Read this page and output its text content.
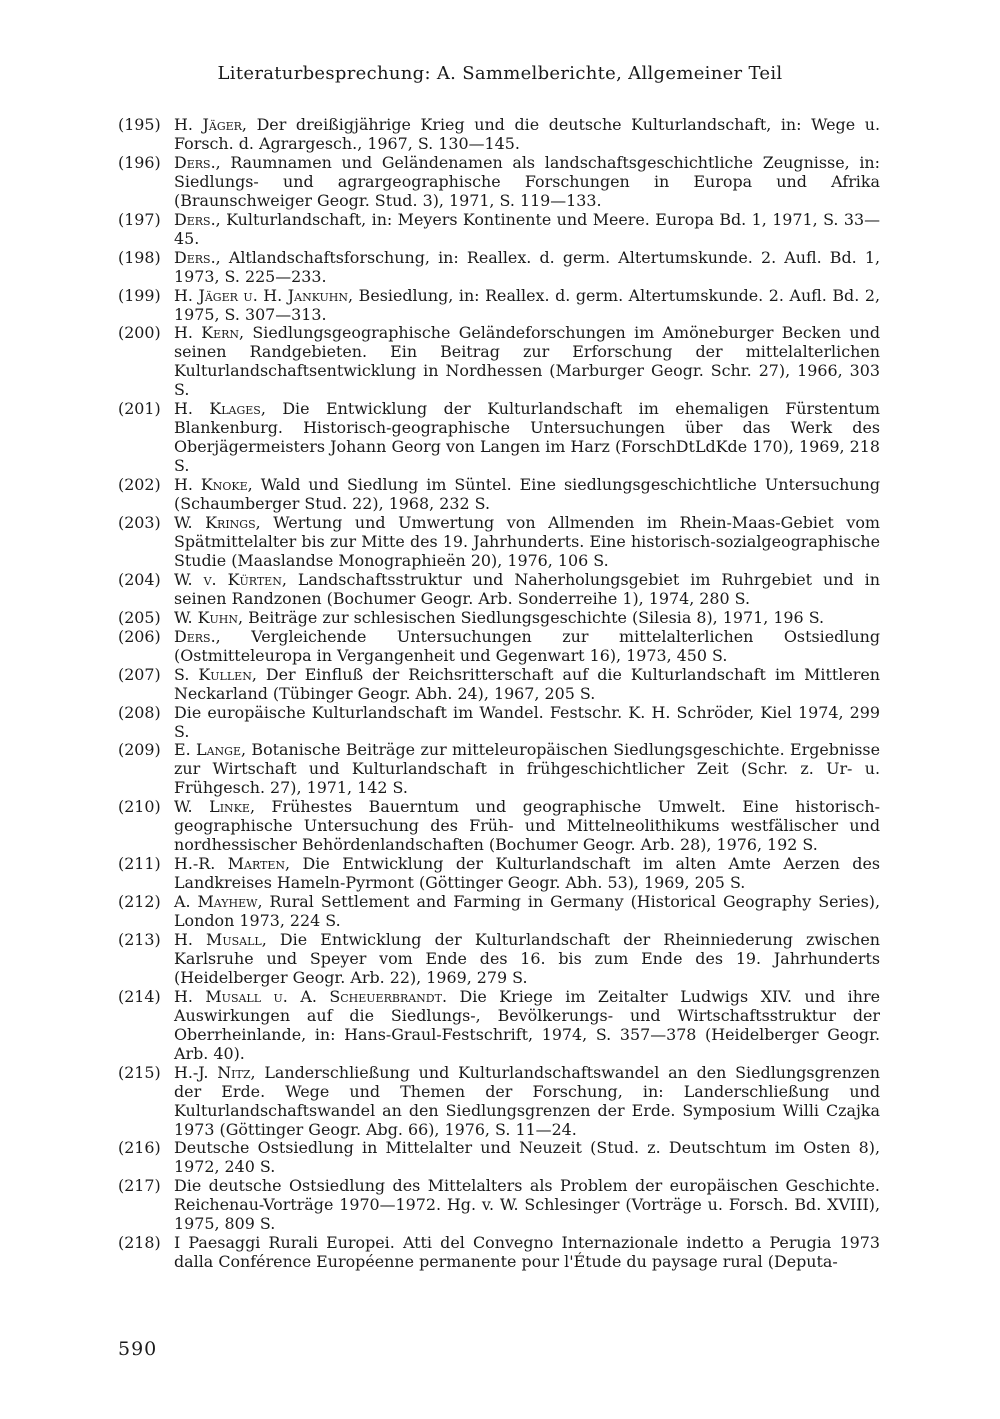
Literaturbesprechung: A. Sammelberichte, Allgemeiner Teil
(195) H. Jäger, Der dreißigjährige Krieg und die deutsche Kulturlandschaft, in: Wege u. Forsch. d. Agrargesch., 1967, S. 130—145.
(196) Ders., Raumnamen und Geländenamen als landschaftsgeschichtliche Zeugnisse, in: Siedlungs- und agrargeographische Forschungen in Europa und Afrika (Braunschweiger Geogr. Stud. 3), 1971, S. 119—133.
(197) Ders., Kulturlandschaft, in: Meyers Kontinente und Meere. Europa Bd. 1, 1971, S. 33—45.
(198) Ders., Altlandschaftsforschung, in: Reallex. d. germ. Altertumskunde. 2. Aufl. Bd. 1, 1973, S. 225—233.
(199) H. Jäger u. H. Jankuhn, Besiedlung, in: Reallex. d. germ. Altertumskunde. 2. Aufl. Bd. 2, 1975, S. 307—313.
(200) H. Kern, Siedlungsgeographische Geländeforschungen im Amöneburger Becken und seinen Randgebieten. Ein Beitrag zur Erforschung der mittelalterlichen Kulturlandschaftsentwicklung in Nordhessen (Marburger Geogr. Schr. 27), 1966, 303 S.
(201) H. Klages, Die Entwicklung der Kulturlandschaft im ehemaligen Fürstentum Blankenburg. Historisch-geographische Untersuchungen über das Werk des Oberjägermeisters Johann Georg von Langen im Harz (ForschDtLdKde 170), 1969, 218 S.
(202) H. Knoke, Wald und Siedlung im Süntel. Eine siedlungsgeschichtliche Untersuchung (Schaumberger Stud. 22), 1968, 232 S.
(203) W. Krings, Wertung und Umwertung von Allmenden im Rhein-Maas-Gebiet vom Spätmittelalter bis zur Mitte des 19. Jahrhunderts. Eine historisch-sozialgeographische Studie (Maaslandse Monographieën 20), 1976, 106 S.
(204) W. v. Kürten, Landschaftsstruktur und Naherholungsgebiet im Ruhrgebiet und in seinen Randzonen (Bochumer Geogr. Arb. Sonderreihe 1), 1974, 280 S.
(205) W. Kuhn, Beiträge zur schlesischen Siedlungsgeschichte (Silesia 8), 1971, 196 S.
(206) Ders., Vergleichende Untersuchungen zur mittelalterlichen Ostsiedlung (Ostmitteleuropa in Vergangenheit und Gegenwart 16), 1973, 450 S.
(207) S. Kullen, Der Einfluß der Reichsritterschaft auf die Kulturlandschaft im Mittleren Neckarland (Tübinger Geogr. Abh. 24), 1967, 205 S.
(208) Die europäische Kulturlandschaft im Wandel. Festschr. K. H. Schröder, Kiel 1974, 299 S.
(209) E. Lange, Botanische Beiträge zur mitteleuropäischen Siedlungsgeschichte. Ergebnisse zur Wirtschaft und Kulturlandschaft in frühgeschichtlicher Zeit (Schr. z. Ur- u. Frühgesch. 27), 1971, 142 S.
(210) W. Linke, Frühestes Bauerntum und geographische Umwelt. Eine historisch-geographische Untersuchung des Früh- und Mittelneolithikums westfälischer und nordhessischer Behördenlandschaften (Bochumer Geogr. Arb. 28), 1976, 192 S.
(211) H.-R. Marten, Die Entwicklung der Kulturlandschaft im alten Amte Aerzen des Landkreises Hameln-Pyrmont (Göttinger Geogr. Abh. 53), 1969, 205 S.
(212) A. Mayhew, Rural Settlement and Farming in Germany (Historical Geography Series), London 1973, 224 S.
(213) H. Musall, Die Entwicklung der Kulturlandschaft der Rheinniederung zwischen Karlsruhe und Speyer vom Ende des 16. bis zum Ende des 19. Jahrhunderts (Heidelberger Geogr. Arb. 22), 1969, 279 S.
(214) H. Musall u. A. Scheuerbrandt. Die Kriege im Zeitalter Ludwigs XIV. und ihre Auswirkungen auf die Siedlungs-, Bevölkerungs- und Wirtschaftsstruktur der Oberrheinlande, in: Hans-Graul-Festschrift, 1974, S. 357—378 (Heidelberger Geogr. Arb. 40).
(215) H.-J. Nitz, Landerschließung und Kulturlandschaftswandel an den Siedlungsgrenzen der Erde. Wege und Themen der Forschung, in: Landerschließung und Kulturlandschaftswandel an den Siedlungsgrenzen der Erde. Symposium Willi Czajka 1973 (Göttinger Geogr. Abg. 66), 1976, S. 11—24.
(216) Deutsche Ostsiedlung in Mittelalter und Neuzeit (Stud. z. Deutschtum im Osten 8), 1972, 240 S.
(217) Die deutsche Ostsiedlung des Mittelalters als Problem der europäischen Geschichte. Reichenau-Vorträge 1970—1972. Hg. v. W. Schlesinger (Vorträge u. Forsch. Bd. XVIII), 1975, 809 S.
(218) I Paesaggi Rurali Europei. Atti del Convegno Internazionale indetto a Perugia 1973 dalla Conférence Européenne permanente pour l'Étude du paysage rural (Deputa-
590
